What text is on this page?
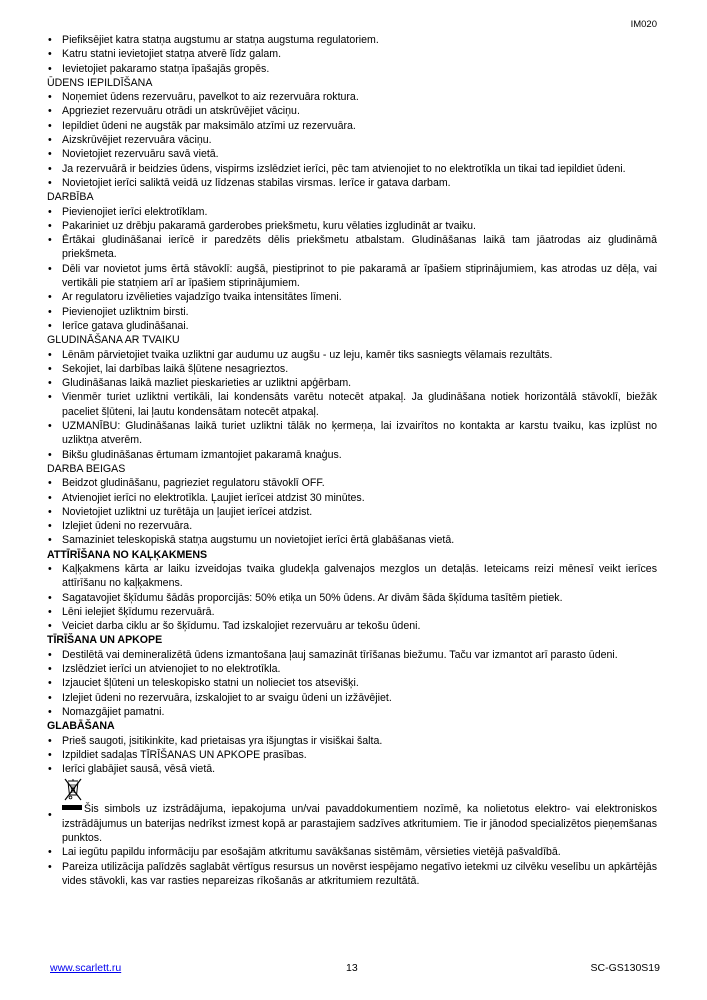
IM020
• Piefiksējiet katra statņa augstumu ar statņa augstuma regulatoriem.
• Katru statni ievietojiet statņa atverē līdz galam.
• Ievietojiet pakaramo statņa īpašajās gropēs.
ŪDENS IEPILDĪŠANA
• Noņemiet ūdens rezervuāru, pavelkot to aiz rezervuāra roktura.
• Apgrieziet rezervuāru otrādi un atskrūvējiet vāciņu.
• Iepildiet ūdeni ne augstāk par maksimālo atzīmi uz rezervuāra.
• Aizskrūvējiet rezervuāra vāciņu.
• Novietojiet rezervuāru savā vietā.
• Ja rezervuārā ir beidzies ūdens, vispirms izslēdziet ierīci, pēc tam atvienojiet to no elektrotīkla un tikai tad iepildiet ūdeni.
• Novietojiet ierīci saliktā veidā uz līdzenas stabilas virsmas. Ierīce ir gatava darbam.
DARBĪBA
• Pievienojiet ierīci elektrotīklam.
• Pakariniet uz drēbju pakaramā garderobes priekšmetu, kuru vēlaties izgludināt ar tvaiku.
• Ērtākai gludināšanai ierīcē ir paredzēts dēlis priekšmetu atbalstam. Gludināšanas laikā tam jāatrodas aiz gludināmā priekšmeta.
• Dēli var novietot jums ērtā stāvoklī: augšā, piestiprinot to pie pakaramā ar īpašiem stiprinājumiem, kas atrodas uz dēļa, vai vertikāli pie statņiem arī ar īpašiem stiprinājumiem.
• Ar regulatoru izvēlieties vajadzīgo tvaika intensitātes līmeni.
• Pievienojiet uzliktnim birsti.
• Ierīce gatava gludināšanai.
GLUDINĀŠANA AR TVAIKU
• Lēnām pārvietojiet tvaika uzliktni gar audumu uz augšu - uz leju, kamēr tiks sasniegts vēlamais rezultāts.
• Sekojiet, lai darbības laikā šļūtene nesagrieztos.
• Gludināšanas laikā mazliet pieskarieties ar uzliktni apģērbam.
• Vienmēr turiet uzliktni vertikāli, lai kondensāts varētu notecēt atpakaļ. Ja gludināšana notiek horizontālā stāvoklī, biežāk paceliet šļūteni, lai ļautu kondensātam notecēt atpakaļ.
• UZMANĪBU: Gludināšanas laikā turiet uzliktni tālāk no ķermeņa, lai izvairītos no kontakta ar karstu tvaiku, kas izplūst no uzliktņa atverēm.
• Bikšu gludināšanas ērtumam izmantojiet pakaramā knaģus.
DARBA BEIGAS
• Beidzot gludināšanu, pagrieziet regulatoru stāvoklī OFF.
• Atvienojiet ierīci no elektrotīkla. Ļaujiet ierīcei atdzist 30 minūtes.
• Novietojiet uzliktni uz turētāja un ļaujiet ierīcei atdzist.
• Izlejiet ūdeni no rezervuāra.
• Samaziniet teleskopiskā statņa augstumu un novietojiet ierīci ērtā glabāšanas vietā.
ATTĪRĪŠANA NO KAĻĶAKMENS
• Kaļķakmens kārta ar laiku izveidojas tvaika gludekļa galvenajos mezglos un detaļās. Ieteicams reizi mēnesī veikt ierīces attīrīšanu no kaļķakmens.
• Sagatavojiet šķīdumu šādās proporcijās: 50% etiķa un 50% ūdens. Ar divām šāda šķīduma tasītēm pietiek.
• Lēni ielejiet šķīdumu rezervuārā.
• Veiciet darba ciklu ar šo šķīdumu. Tad izskalojiet rezervuāru ar tekošu ūdeni.
TĪRĪŠANA UN APKOPE
• Destilētā vai demineralizētā ūdens izmantošana ļauj samazināt tīrīšanas biežumu. Taču var izmantot arī parasto ūdeni.
• Izslēdziet ierīci un atvienojiet to no elektrotīkla.
• Izjauciet šļūteni un teleskopisko statni un nolieciet tos atsevišķi.
• Izlejiet ūdeni no rezervuāra, izskalojiet to ar svaigu ūdeni un izžāvējiet.
• Nomazgājiet pamatni.
GLABĀŠANA
• Prieš saugoti, įsitikinkite, kad prietaisas yra išjungtas ir visiškai šalta.
• Izpildiet sadaļas TĪRĪŠANAS UN APKOPE prasības.
• Ierīci glabājiet sausā, vēsā vietā.
• Šis simbols uz izstrādājuma, iepakojuma un/vai pavaddokumentiem nozīmē, ka nolietotus elektro- vai elektroniskos izstrādājumus un baterijas nedrīkst izmest kopā ar parastajiem sadzīves atkritumiem. Tie ir jānodod specializētos pieņemšanas punktos.
• Lai iegūtu papildu informāciju par esošajām atkritumu savākšanas sistēmām, vērsieties vietējā pašvaldībā.
• Pareiza utilizācija palīdzēs saglabāt vērtīgus resursus un novērst iespējamo negatīvo ietekmi uz cilvēku veselību un apkārtējās vides stāvokli, kas var rasties nepareizas rīkošanās ar atkritumiem rezultātā.
www.scarlett.ru	13	SC-GS130S19
